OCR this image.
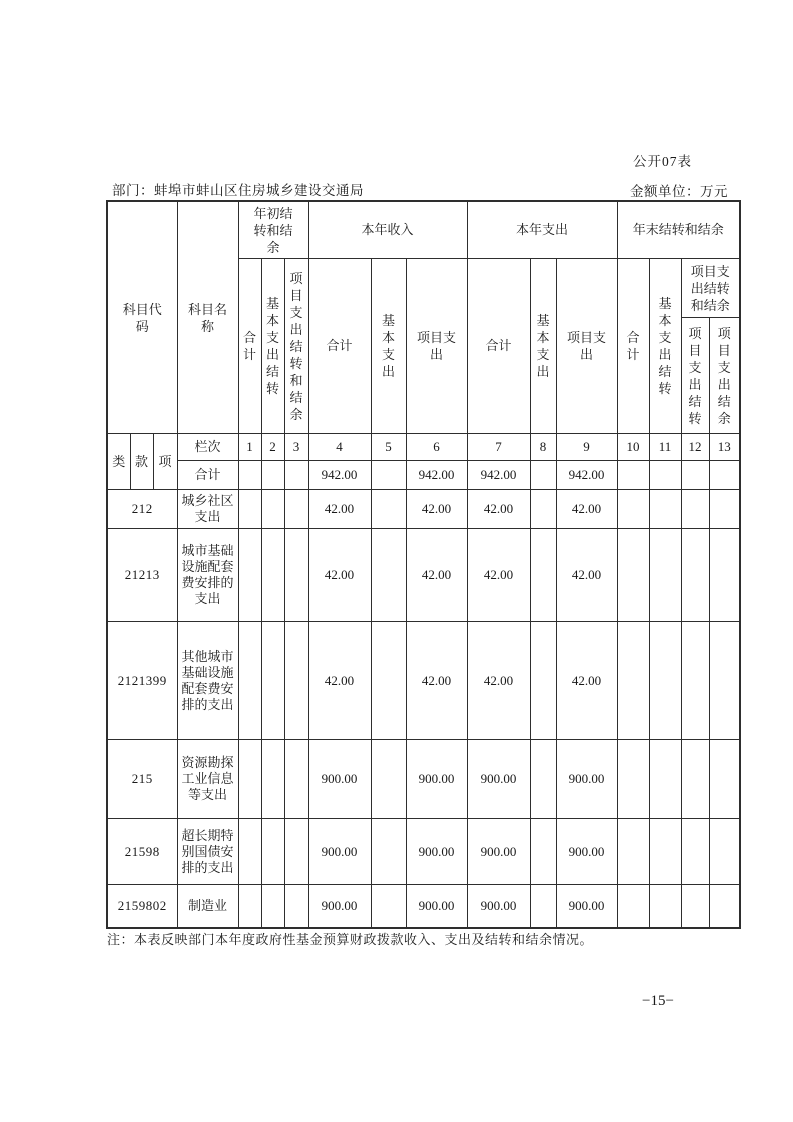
公开07表
部门：蚌埠市蚌山区住房城乡建设交通局	金额单位：万元
科目代码			科目名称	年初结转和结余			本年收入			本年支出			年末结转和结余			
				合计	基本支出结转	项目支出结转和结余	合计	基本支出	项目支出	合计	基本支出	项目支出	合计	基本支出结转	项目支出结转和结余	
															项目支出结转	项目支出结余
类	款	项	栏次	1	2	3	4	5	6	7	8	9	10	11	12	13
			合计				942.00		942.00	942.00		942.00				
212			城乡社区支出				42.00		42.00	42.00		42.00				
21213			城市基础设施配套费安排的支出				42.00		42.00	42.00		42.00				
2121399			其他城市基础设施配套费安排的支出				42.00		42.00	42.00		42.00				
215			资源勘探工业信息等支出				900.00		900.00	900.00		900.00				
21598			超长期特别国债安排的支出				900.00		900.00	900.00		900.00				
2159802			制造业				900.00		900.00	900.00		900.00				
注：本表反映部门本年度政府性基金预算财政拨款收入、支出及结转和结余情况。
−15−
